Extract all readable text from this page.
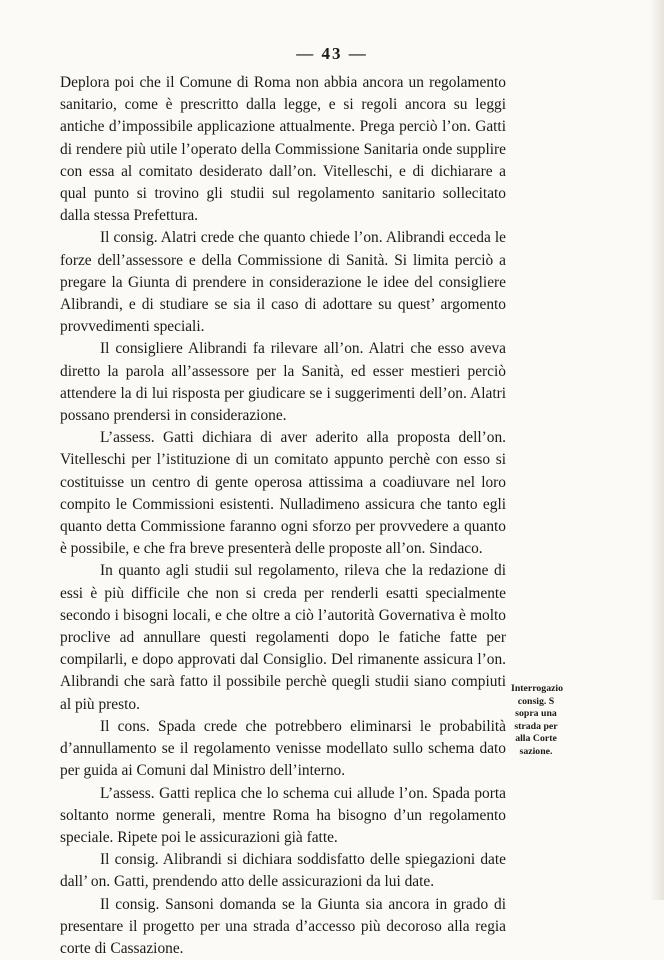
— 43 —

Deplora poi che il Comune di Roma non abbia ancora un regolamento sanitario, come è prescritto dalla legge, e si regoli ancora su leggi antiche d’impossibile applicazione attualmente. Prega perciò l’on. Gatti di rendere più utile l’operato della Commissione Sanitaria onde supplire con essa al comitato desiderato dall’on. Vitelleschi, e di dichiarare a qual punto si trovino gli studii sul regolamento sanitario sollecitato dalla stessa Prefettura.

Il consig. Alatri crede che quanto chiede l’on. Alibrandi ecceda le forze dell’assessore e della Commissione di Sanità. Si limita perciò a pregare la Giunta di prendere in considerazione le idee del consigliere Alibrandi, e di studiare se sia il caso di adottare su quest’ argomento provvedimenti speciali.

Il consigliere Alibrandi fa rilevare all’on. Alatri che esso aveva diretto la parola all’assessore per la Sanità, ed esser mestieri perciò attendere la di lui risposta per giudicare se i suggerimenti dell’on. Alatri possano prendersi in considerazione.

L’assess. Gatti dichiara di aver aderito alla proposta dell’on. Vitelleschi per l’istituzione di un comitato appunto perchè con esso si costituisse un centro di gente operosa attissima a coadiuvare nel loro compito le Commissioni esistenti. Nulladimeno assicura che tanto egli quanto detta Commissione faranno ogni sforzo per provvedere a quanto è possibile, e che fra breve presenterà delle proposte all’on. Sindaco.

In quanto agli studii sul regolamento, rileva che la redazione di essi è più difficile che non si creda per renderli esatti specialmente secondo i bisogni locali, e che oltre a ciò l’autorità Governativa è molto proclive ad annullare questi regolamenti dopo le fatiche fatte per compilarli, e dopo approvati dal Consiglio. Del rimanente assicura l’on. Alibrandi che sarà fatto il possibile perchè quegli studii siano compiuti al più presto.

Il cons. Spada crede che potrebbero eliminarsi le probabilità d’annullamento se il regolamento venisse modellato sullo schema dato per guida ai Comuni dal Ministro dell’interno.

L’assess. Gatti replica che lo schema cui allude l’on. Spada porta soltanto norme generali, mentre Roma ha bisogno d’un regolamento speciale. Ripete poi le assicurazioni già fatte.

Il consig. Alibrandi si dichiara soddisfatto delle spiegazioni date dall’ on. Gatti, prendendo atto delle assicurazioni da lui date.

Il consig. Sansoni domanda se la Giunta sia ancora in grado di presentare il progetto per una strada d’accesso più decoroso alla regia corte di Cassazione.

Interrogazio consig. S sopra una strada per alla Corte sazione.
